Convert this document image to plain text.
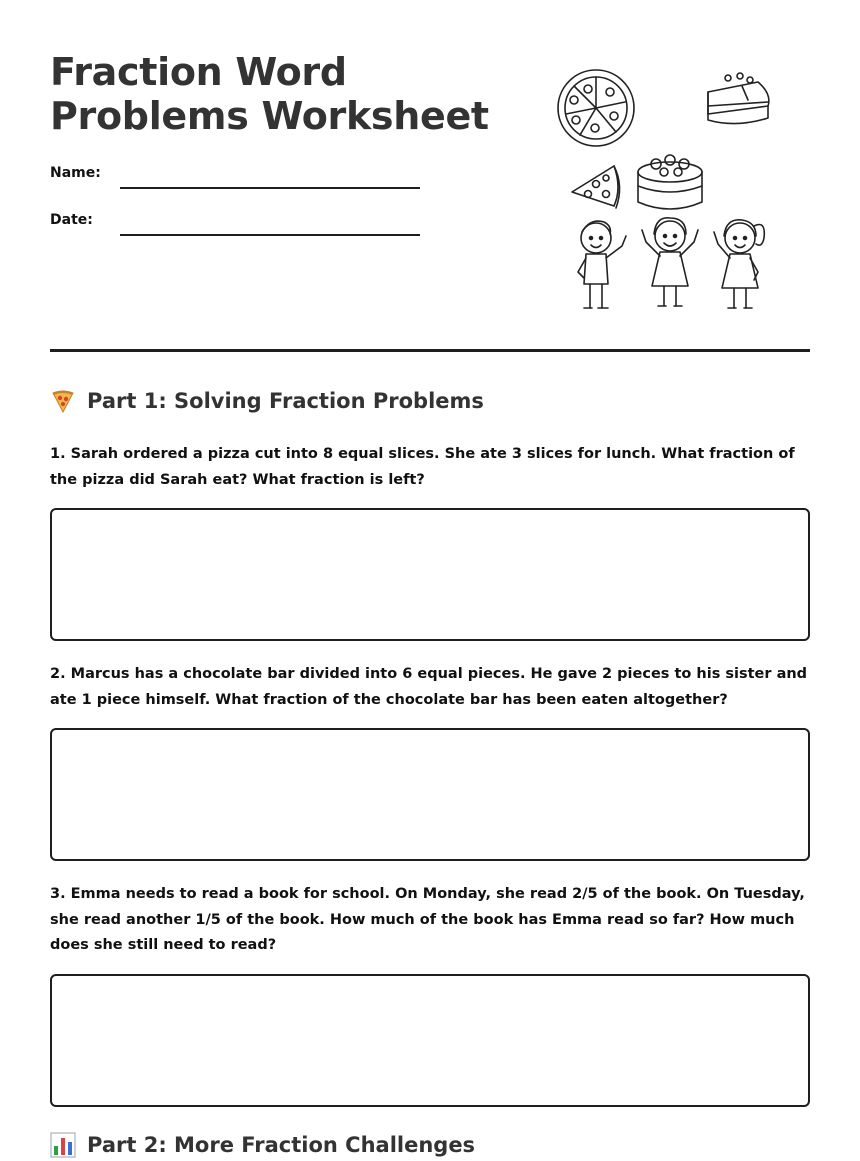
Fraction Word Problems Worksheet
Name:
Date:
Part 1: Solving Fraction Problems

1. Sarah ordered a pizza cut into 8 equal slices. She ate 3 slices for lunch. What fraction of the pizza did Sarah eat? What fraction is left?

2. Marcus has a chocolate bar divided into 6 equal pieces. He gave 2 pieces to his sister and ate 1 piece himself. What fraction of the chocolate bar has been eaten altogether?

3. Emma needs to read a book for school. On Monday, she read 2/5 of the book. On Tuesday, she read another 1/5 of the book. How much of the book has Emma read so far? How much does she still need to read?

Part 2: More Fraction Challenges
